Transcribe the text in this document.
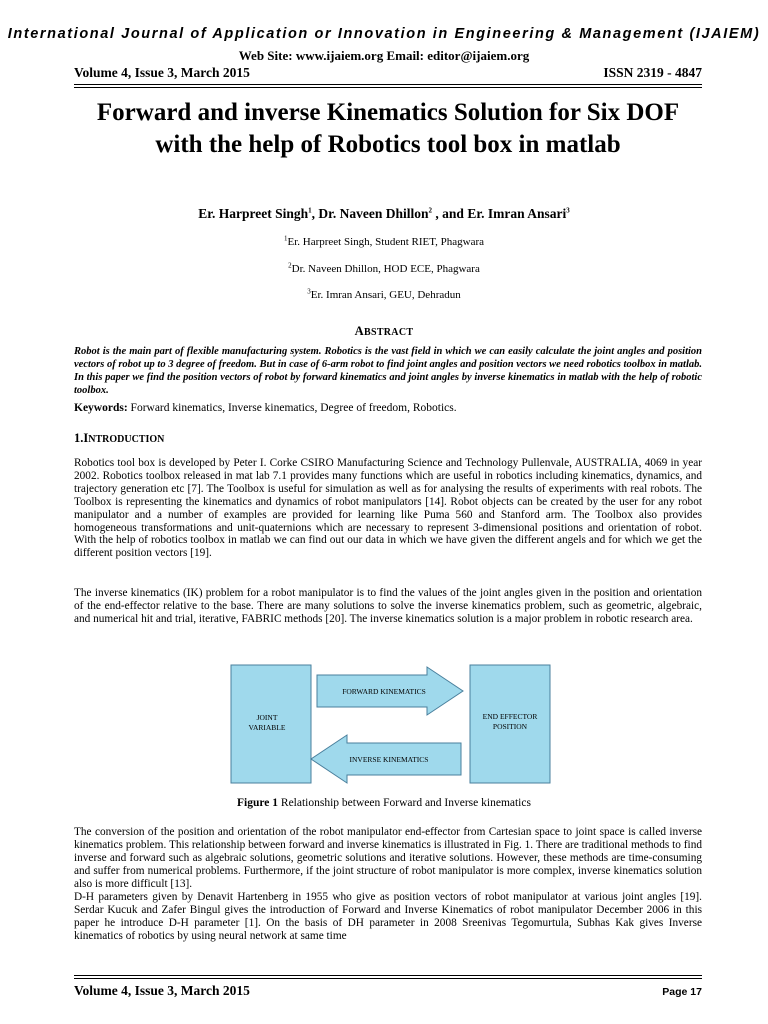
International Journal of Application or Innovation in Engineering & Management (IJAIEM)
Web Site: www.ijaiem.org Email: editor@ijaiem.org
Volume 4, Issue 3, March 2015	ISSN 2319 - 4847
Forward and inverse Kinematics Solution for Six DOF with the help of Robotics tool box in matlab
Er. Harpreet Singh$^1$, Dr. Naveen Dhillon$^2$ , and Er. Imran Ansari$^3$
$^1$Er. Harpreet Singh, Student RIET, Phagwara
$^2$Dr. Naveen Dhillon, HOD ECE, Phagwara
$^3$Er. Imran Ansari, GEU, Dehradun
ABSTRACT
Robot is the main part of flexible manufacturing system. Robotics is the vast field in which we can easily calculate the joint angles and position vectors of robot up to 3 degree of freedom. But in case of 6-arm robot to find joint angles and position vectors we need robotics toolbox in matlab. In this paper we find the position vectors of robot by forward kinematics and joint angles by inverse kinematics in matlab with the help of robotic toolbox.
Keywords: Forward kinematics, Inverse kinematics, Degree of freedom, Robotics.
1.INTRODUCTION

Robotics tool box is developed by Peter I. Corke CSIRO Manufacturing Science and Technology Pullenvale, AUSTRALIA, 4069 in year 2002. Robotics toolbox released in mat lab 7.1 provides many functions which are useful in robotics including kinematics, dynamics, and trajectory generation etc [7]. The Toolbox is useful for simulation as well as for analysing the results of experiments with real robots. The Toolbox is representing the kinematics and dynamics of robot manipulators [14]. Robot objects can be created by the user for any robot manipulator and a number of examples are provided for learning like Puma 560 and Stanford arm. The Toolbox also provides homogeneous transformations and unit-quaternions which are necessary to represent 3-dimensional positions and orientation of robot. With the help of robotics toolbox in matlab we can find out our data in which we have given the different angels and for which we get the different position vectors [19].

The inverse kinematics (IK) problem for a robot manipulator is to find the values of the joint angles given in the position and orientation of the end-effector relative to the base. There are many solutions to solve the inverse kinematics problem, such as geometric, algebraic, and numerical hit and trial, iterative, FABRIC methods [20]. The inverse kinematics solution is a major problem in robotic research area.

FORWARD KINEMATICS
INVERSE KINEMATICS
JOINT
VARIABLE
END EFFECTOR
POSITION
Figure 1 Relationship between Forward and Inverse kinematics

The conversion of the position and orientation of the robot manipulator end-effector from Cartesian space to joint space is called inverse kinematics problem. This relationship between forward and inverse kinematics is illustrated in Fig. 1. There are traditional methods to find inverse and forward such as algebraic solutions, geometric solutions and iterative solutions. However, these methods are time-consuming and suffer from numerical problems. Furthermore, if the joint structure of robot manipulator is more complex, inverse kinematics solution also is more difficult [13].

D-H parameters given by Denavit Hartenberg in 1955 who give as position vectors of robot manipulator at various joint angles [19]. Serdar Kucuk and Zafer Bingul gives the introduction of Forward and Inverse Kinematics of robot manipulator December 2006 in this paper he introduce D-H parameter [1]. On the basis of DH parameter in 2008 Sreenivas Tegomurtula, Subhas Kak gives Inverse kinematics of robotics by using neural network at same time

Volume 4, Issue 3, March 2015	Page 17
